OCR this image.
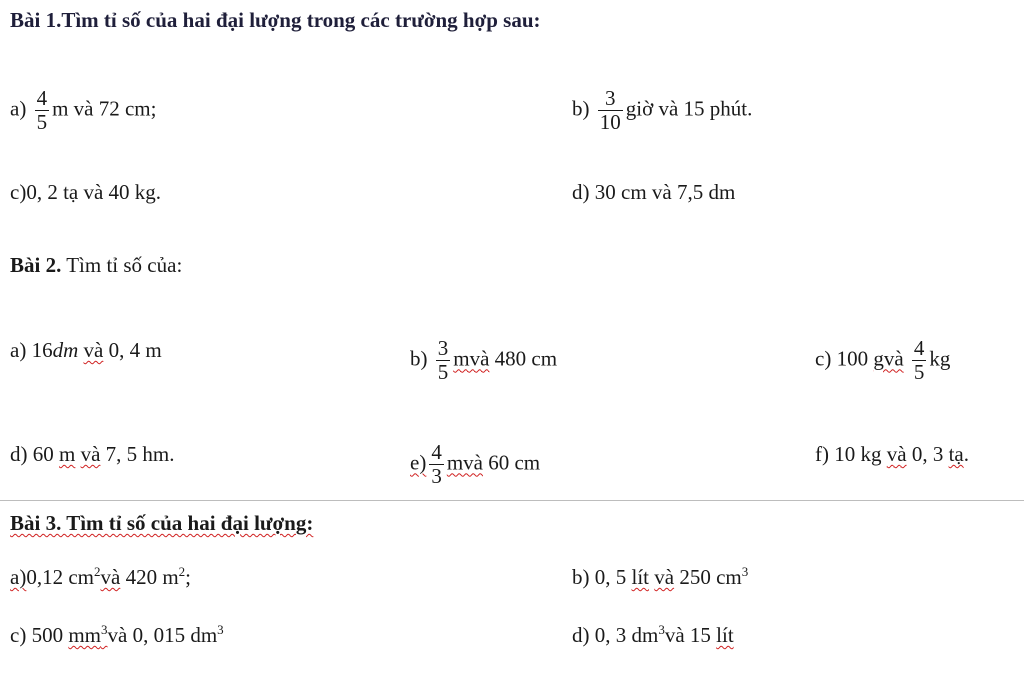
Bài 1.Tìm tỉ số của hai đại lượng trong các trường hợp sau:
$a) \frac{4}{5}$ m và 72 cm;	$b) \frac{3}{10}$ giờ và 15 phút.
c)0, 2 tạ và 40 kg.	d) 30 cm và 7,5 dm
Bài 2. Tìm tỉ số của:
a) 16dm và 0, 4 m	$b) \frac{3}{5}$ mvà 480 cm	c) 100 gvà $\frac{4}{5}$ kg
d) 60 m và 7, 5 hm.	$e) \frac{4}{3}$ mvà 60 cm	f) 10 kg và 0, 3 tạ.
Bài 3. Tìm tỉ số của hai đại lượng:
a)0,12 $cm^2và$ 420 $m^2$;	b) 0, 5 lít và 250 $cm^3$
c) 500 $mm^3và$ 0, 015 $dm^3$	d) 0, 3 $dm^3và$ 15 lít
